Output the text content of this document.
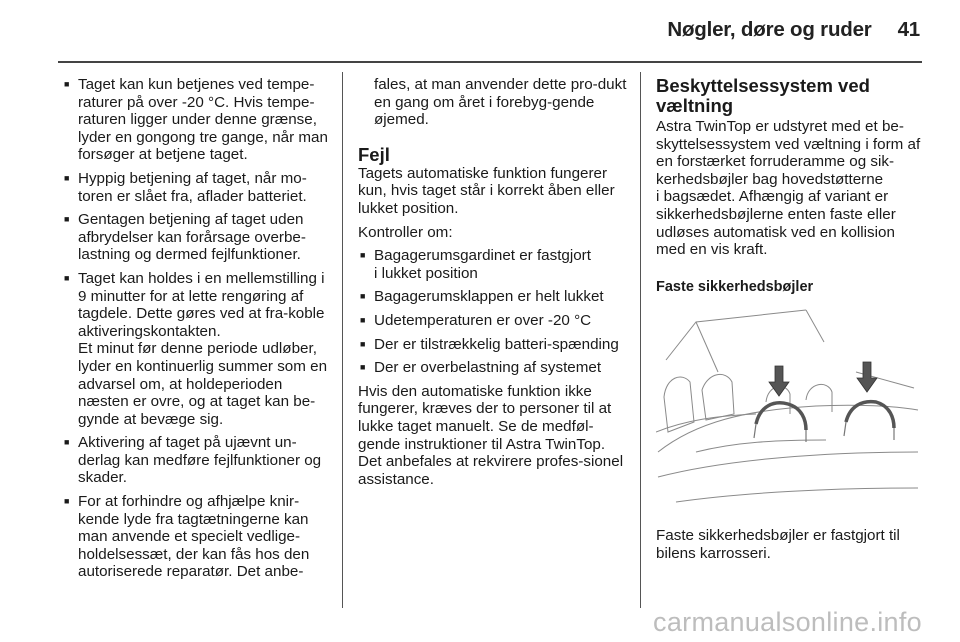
Nøgler, døre og ruder 41
■ Taget kan kun betjenes ved tempe-raturer på over -20 °C. Hvis tempe-raturen ligger under denne grænse, lyder en gongong tre gange, når man forsøger at betjene taget.
■ Hyppig betjening af taget, når mo-toren er slået fra, aflader batteriet.
■ Gentagen betjening af taget uden afbrydelser kan forårsage overbe-lastning og dermed fejlfunktioner.
■ Taget kan holdes i en mellemstilling i 9 minutter for at lette rengøring af tagdele. Dette gøres ved at fra-koble aktiveringskontakten.
Et minut før denne periode udløber, lyder en kontinuerlig summer som en advarsel om, at holdeperioden næsten er ovre, og at taget kan be-gynde at bevæge sig.
■ Aktivering af taget på ujævnt un-derlag kan medføre fejlfunktioner og skader.
■ For at forhindre og afhjælpe knir-kende lyde fra tagtætningerne kan man anvende et specielt vedlige-holdelsessæt, der kan fås hos den autoriserede reparatør. Det anbe-
fales, at man anvender dette pro-dukt en gang om året i forebyg-gende øjemed.
Fejl
Tagets automatiske funktion fungerer kun, hvis taget står i korrekt åben eller lukket position.
Kontroller om:
■ Bagagerumsgardinet er fastgjort
i lukket position
■ Bagagerumsklappen er helt lukket
■ Udetemperaturen er over -20 °C
■ Der er tilstrækkelig batteri-spænding
■ Der er overbelastning af systemet
Hvis den automatiske funktion ikke fungerer, kræves der to personer til at lukke taget manuelt. Se de medføl-gende instruktioner til Astra TwinTop. Det anbefales at rekvirere profes-sionel assistance.
Beskyttelsessystem ved væltning
Astra TwinTop er udstyret med et be-skyttelsessystem ved væltning i form af en forstærket forruderamme og sik-kerhedsbøjler bag hovedstøtterne
i bagsædet. Afhængig af variant er sikkerhedsbøjlerne enten faste eller udløses automatisk ved en kollision med en vis kraft.
Faste sikkerhedsbøjler
Faste sikkerhedsbøjler er fastgjort til bilens karrosseri.
carmanualsonline.info
